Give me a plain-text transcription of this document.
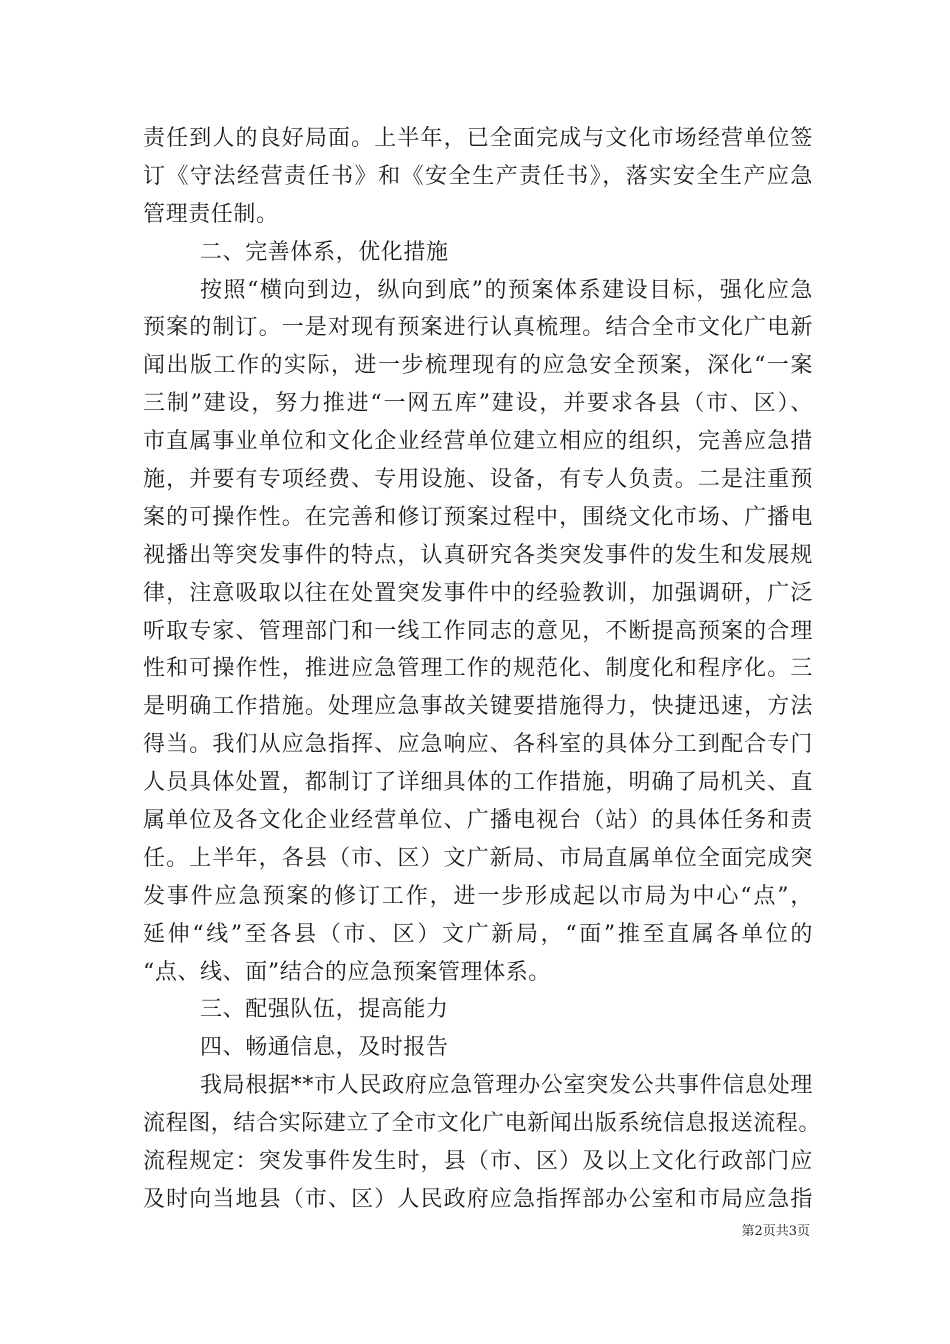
责任到人的良好局面。上半年，已全面完成与文化市场经营单位签
订《守法经营责任书》和《安全生产责任书》，落实安全生产应急
管理责任制。
二、完善体系，优化措施
按照“横向到边，纵向到底”的预案体系建设目标，强化应急
预案的制订。一是对现有预案进行认真梳理。结合全市文化广电新
闻出版工作的实际，进一步梳理现有的应急安全预案，深化“一案
三制”建设，努力推进“一网五库”建设，并要求各县（市、区）、
市直属事业单位和文化企业经营单位建立相应的组织，完善应急措
施，并要有专项经费、专用设施、设备，有专人负责。二是注重预
案的可操作性。在完善和修订预案过程中，围绕文化市场、广播电
视播出等突发事件的特点，认真研究各类突发事件的发生和发展规
律，注意吸取以往在处置突发事件中的经验教训，加强调研，广泛
听取专家、管理部门和一线工作同志的意见，不断提高预案的合理
性和可操作性，推进应急管理工作的规范化、制度化和程序化。三
是明确工作措施。处理应急事故关键要措施得力，快捷迅速，方法
得当。我们从应急指挥、应急响应、各科室的具体分工到配合专门
人员具体处置，都制订了详细具体的工作措施，明确了局机关、直
属单位及各文化企业经营单位、广播电视台（站）的具体任务和责
任。上半年，各县（市、区）文广新局、市局直属单位全面完成突
发事件应急预案的修订工作，进一步形成起以市局为中心“点”，
延伸“线”至各县（市、区）文广新局，“面”推至直属各单位的
“点、线、面”结合的应急预案管理体系。
三、配强队伍，提高能力
四、畅通信息，及时报告
我局根据**市人民政府应急管理办公室突发公共事件信息处理
流程图，结合实际建立了全市文化广电新闻出版系统信息报送流程。
流程规定：突发事件发生时，县（市、区）及以上文化行政部门应
及时向当地县（市、区）人民政府应急指挥部办公室和市局应急指
第2页共3页
